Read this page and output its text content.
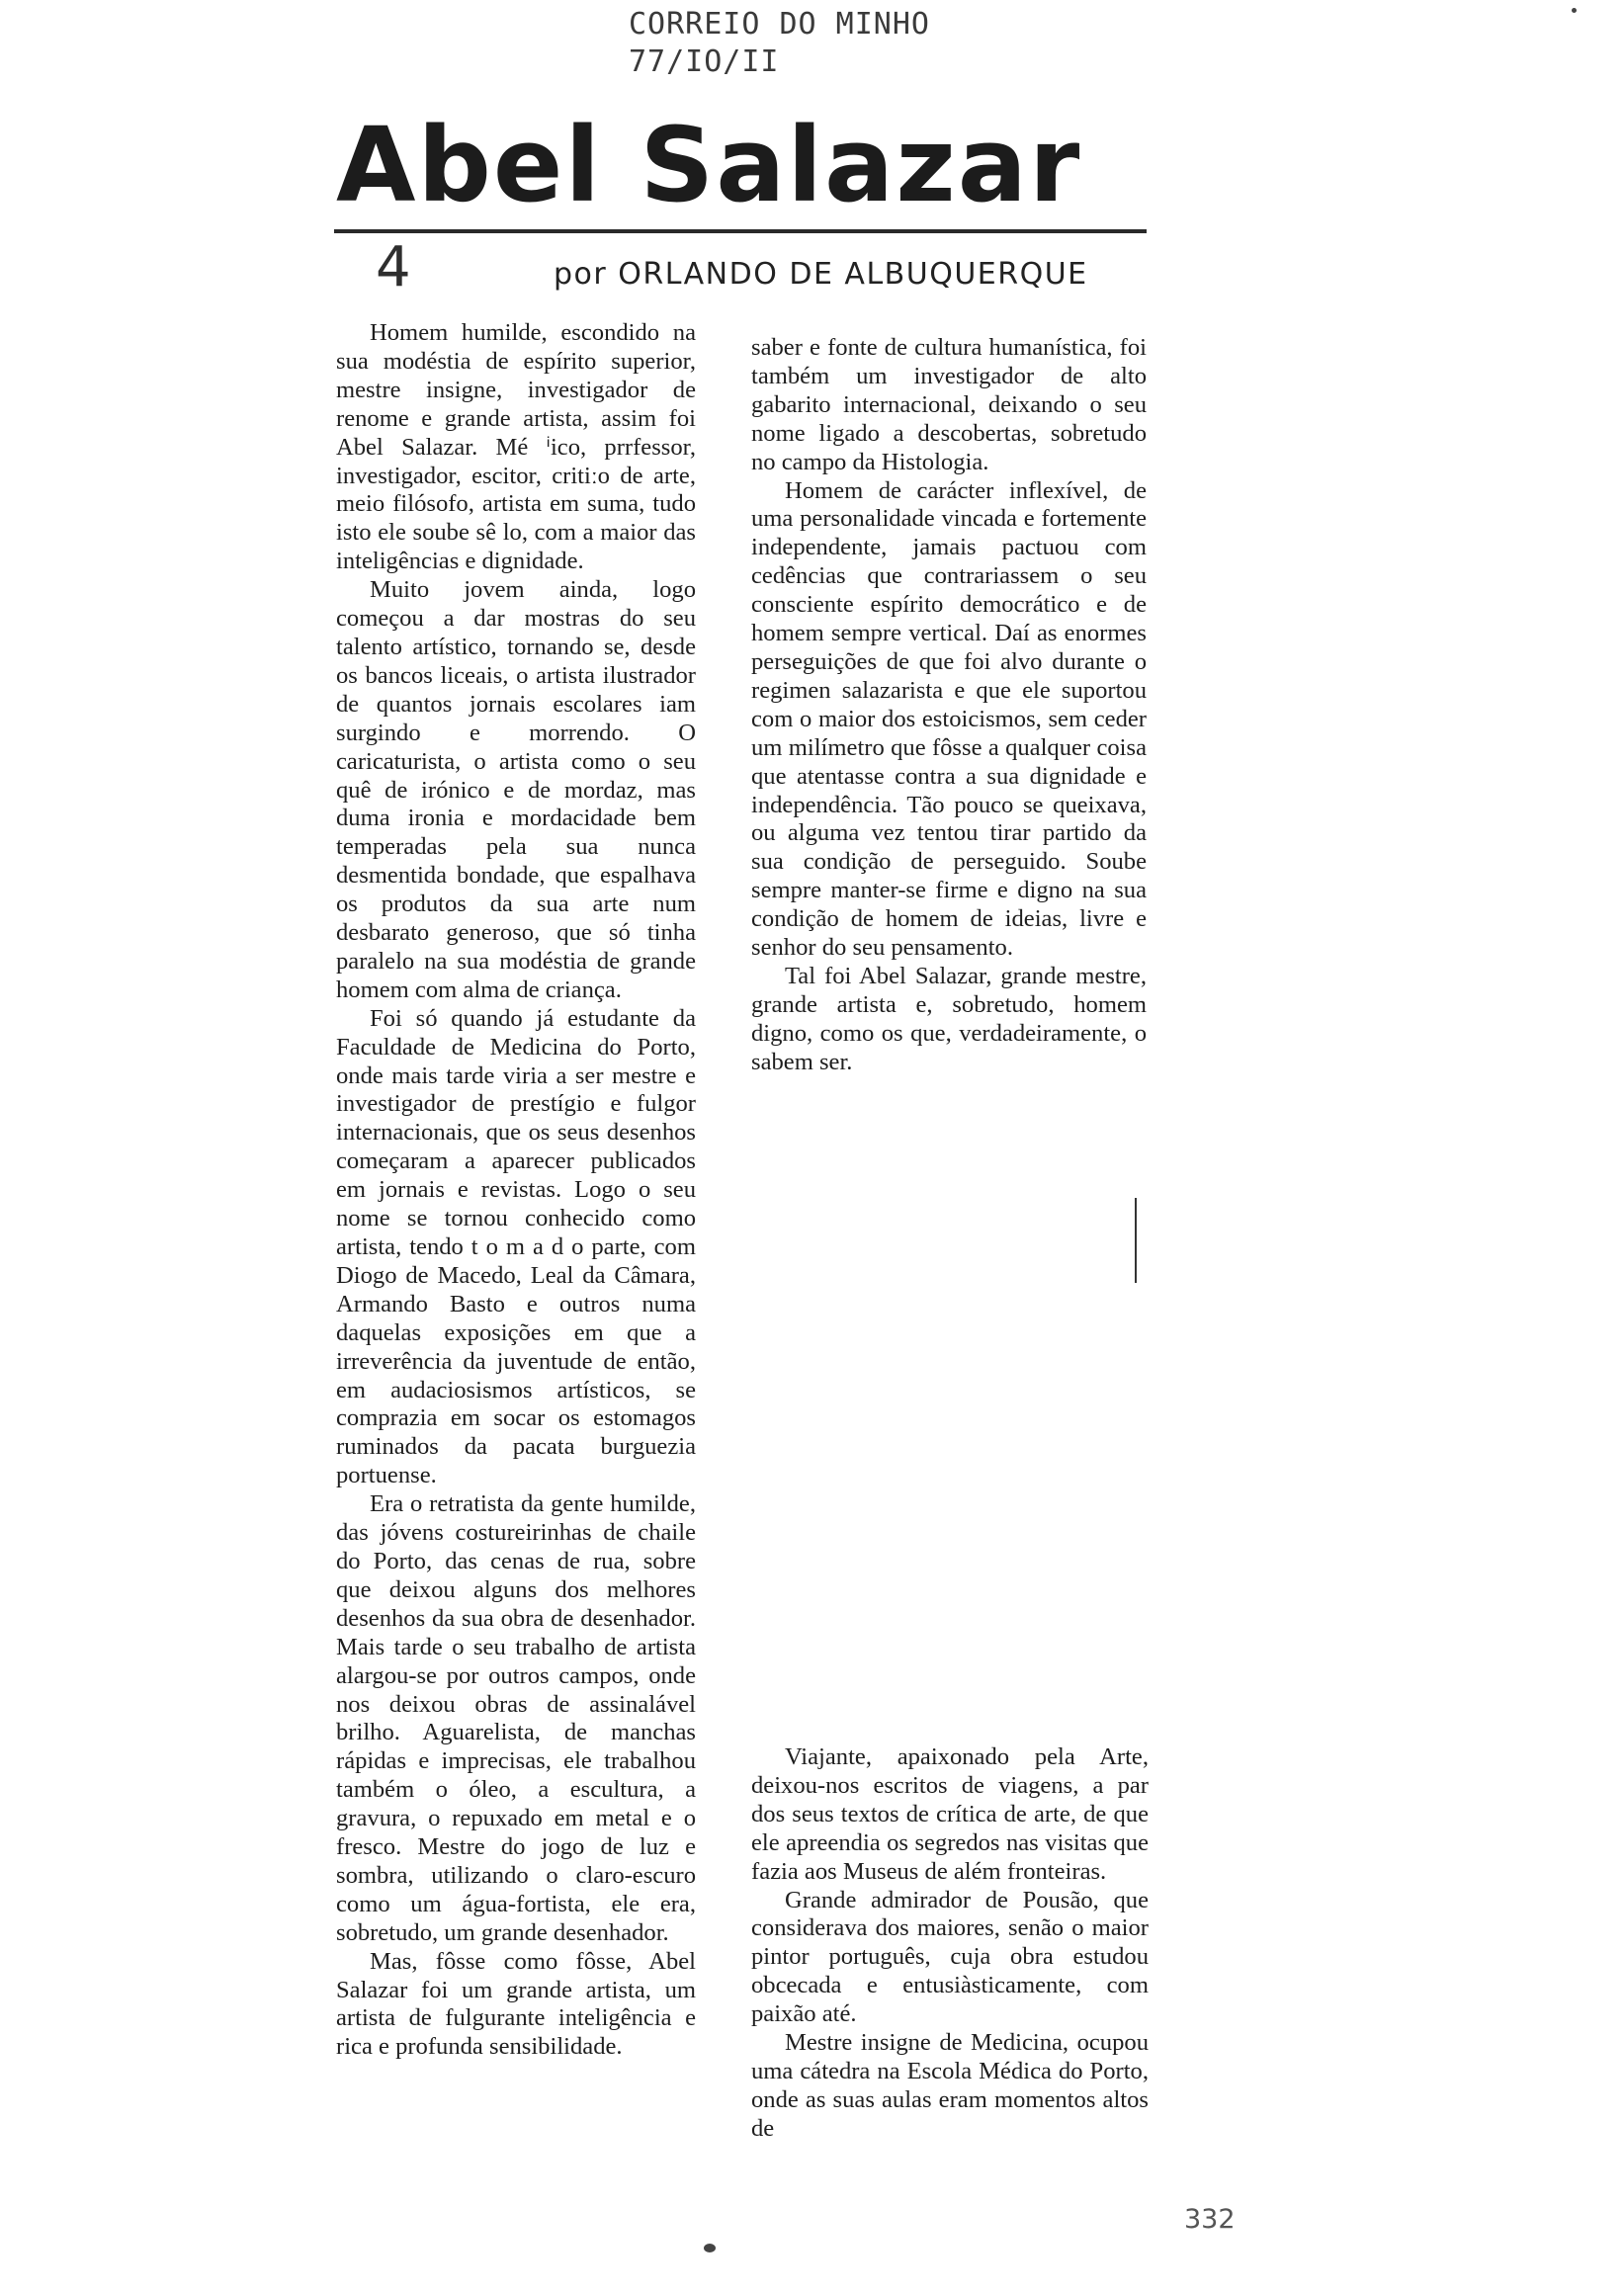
CORREIO DO MINHO
77/IO/II
Abel Salazar
4	por ORLANDO DE ALBUQUERQUE

Homem humilde, escondido na sua modéstia de espírito superior, mestre insigne, investigador de renome e grande artista, assim foi Abel Salazar. Mé ⁱico, prrfessor, investigador, escitor, critiːo de arte, meio filósofo, artista em suma, tudo isto ele soube sê lo, com a maior das inteligências e dignidade.

Muito jovem ainda, logo começou a dar mostras do seu talento artístico, tornando se, desde os bancos liceais, o artista ilustrador de quantos jornais escolares iam surgindo e morrendo. O caricaturista, o artista como o seu quê de irónico e de mordaz, mas duma ironia e mordacidade bem temperadas pela sua nunca desmentida bondade, que espalhava os produtos da sua arte num desbarato generoso, que só tinha paralelo na sua modéstia de grande homem com alma de criança.

Foi só quando já estudante da Faculdade de Medicina do Porto, onde mais tarde viria a ser mestre e investigador de prestígio e fulgor internacionais, que os seus desenhos começaram a aparecer publicados em jornais e revistas. Logo o seu nome se tornou conhecido como artista, tendo t o m a d o parte, com Diogo de Macedo, Leal da Câmara, Armando Basto e outros numa daquelas exposições em que a irreverência da juventude de então, em audaciosismos artísticos, se comprazia em socar os estomagos ruminados da pacata burguezia portuense.

Era o retratista da gente humilde, das jóvens costureirinhas de chaile do Porto, das cenas de rua, sobre que deixou alguns dos melhores desenhos da sua obra de desenhador. Mais tarde o seu trabalho de artista alargou-se por outros campos, onde nos deixou obras de assinalável brilho. Aguarelista, de manchas rápidas e imprecisas, ele trabalhou também o óleo, a escultura, a gravura, o repuxado em metal e o fresco. Mestre do jogo de luz e sombra, utilizando o claro-escuro como um água-fortista, ele era, sobretudo, um grande desenhador.

Mas, fôsse como fôsse, Abel Salazar foi um grande artista, um artista de fulgurante inteligência e rica e profunda sensibilidade.

saber e fonte de cultura humanística, foi também um investigador de alto gabarito internacional, deixando o seu nome ligado a descobertas, sobretudo no campo da Histologia.

Homem de carácter inflexível, de uma personalidade vincada e fortemente independente, jamais pactuou com cedências que contrariassem o seu consciente espírito democrático e de homem sempre vertical. Daí as enormes perseguições de que foi alvo durante o regimen salazarista e que ele suportou com o maior dos estoicismos, sem ceder um milímetro que fôsse a qualquer coisa que atentasse contra a sua dignidade e independência. Tão pouco se queixava, ou alguma vez tentou tirar partido da sua condição de perseguido. Soube sempre manter-se firme e digno na sua condição de homem de ideias, livre e senhor do seu pensamento.

Tal foi Abel Salazar, grande mestre, grande artista e, sobretudo, homem digno, como os que, verdadeiramente, o sabem ser.

Viajante, apaixonado pela Arte, deixou-nos escritos de viagens, a par dos seus textos de crítica de arte, de que ele apreendia os segredos nas visitas que fazia aos Museus de além fronteiras.

Grande admirador de Pousão, que considerava dos maiores, senão o maior pintor português, cuja obra estudou obcecada e entusiàsticamente, com paixão até.

Mestre insigne de Medicina, ocupou uma cátedra na Escola Médica do Porto, onde as suas aulas eram momentos altos de

332
